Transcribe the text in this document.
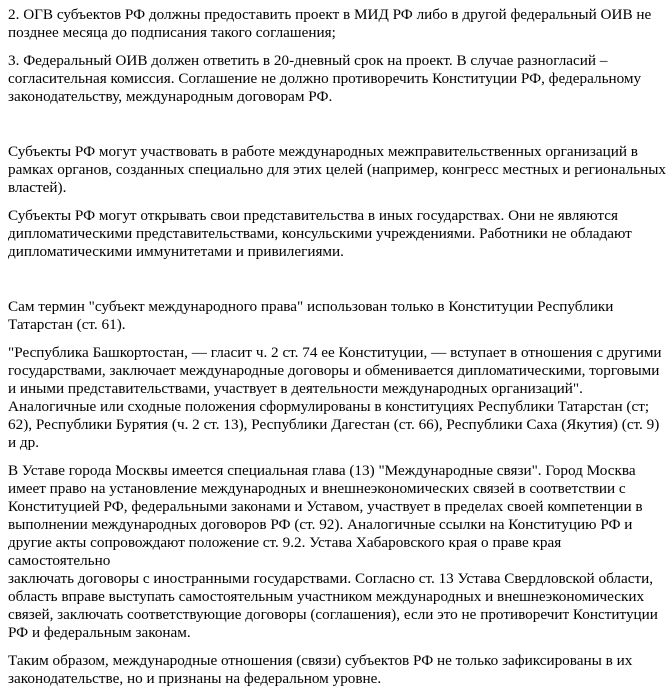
2. ОГВ субъектов РФ должны предоставить проект в МИД РФ либо в другой федеральный ОИВ не
позднее месяца до подписания такого соглашения;

3. Федеральный ОИВ должен ответить в 20-дневный срок на проект. В случае разногласий –
согласительная комиссия. Соглашение не должно противоречить Конституции РФ, федеральному
законодательству, международным договорам РФ.

Субъекты РФ могут участвовать в работе международных межправительственных организаций в
рамках органов, созданных специально для этих целей (например, конгресс местных и региональных
властей).

Субъекты РФ могут открывать свои представительства в иных государствах. Они не являются
дипломатическими представительствами, консульскими учреждениями. Работники не обладают
дипломатическими иммунитетами и привилегиями.

Сам термин "субъект международного права" использован только в Конституции Республики
Татарстан (ст. 61).

"Республика Башкортостан, — гласит ч. 2 ст. 74 ее Конституции, — вступает в отношения с другими
государствами, заключает международные договоры и обменивается дипломатическими, торговыми
и иными представительствами, участвует в деятельности международных организаций".
Аналогичные или сходные положения сформулированы в конституциях Республики Татарстан (ст;
62), Республики Бурятия (ч. 2 ст. 13), Республики Дагестан (ст. 66), Республики Саха (Якутия) (ст. 9)
и др.

В Уставе города Москвы имеется специальная глава (13) "Международные связи". Город Москва
имеет право на установление международных и внешнеэкономических связей в соответствии с
Конституцией РФ, федеральными законами и Уставом, участвует в пределах своей компетенции в
выполнении международных договоров РФ (ст. 92). Аналогичные ссылки на Конституцию РФ и
другие акты сопровождают положение ст. 9.2. Устава Хабаровского края о праве края самостоятельно
заключать договоры с иностранными государствами. Согласно ст. 13 Устава Свердловской области,
область вправе выступать самостоятельным участником международных и внешнеэкономических
связей, заключать соответствующие договоры (соглашения), если это не противоречит Конституции
РФ и федеральным законам.

Таким образом, международные отношения (связи) субъектов РФ не только зафиксированы в их
законодательстве, но и признаны на федеральном уровне.
